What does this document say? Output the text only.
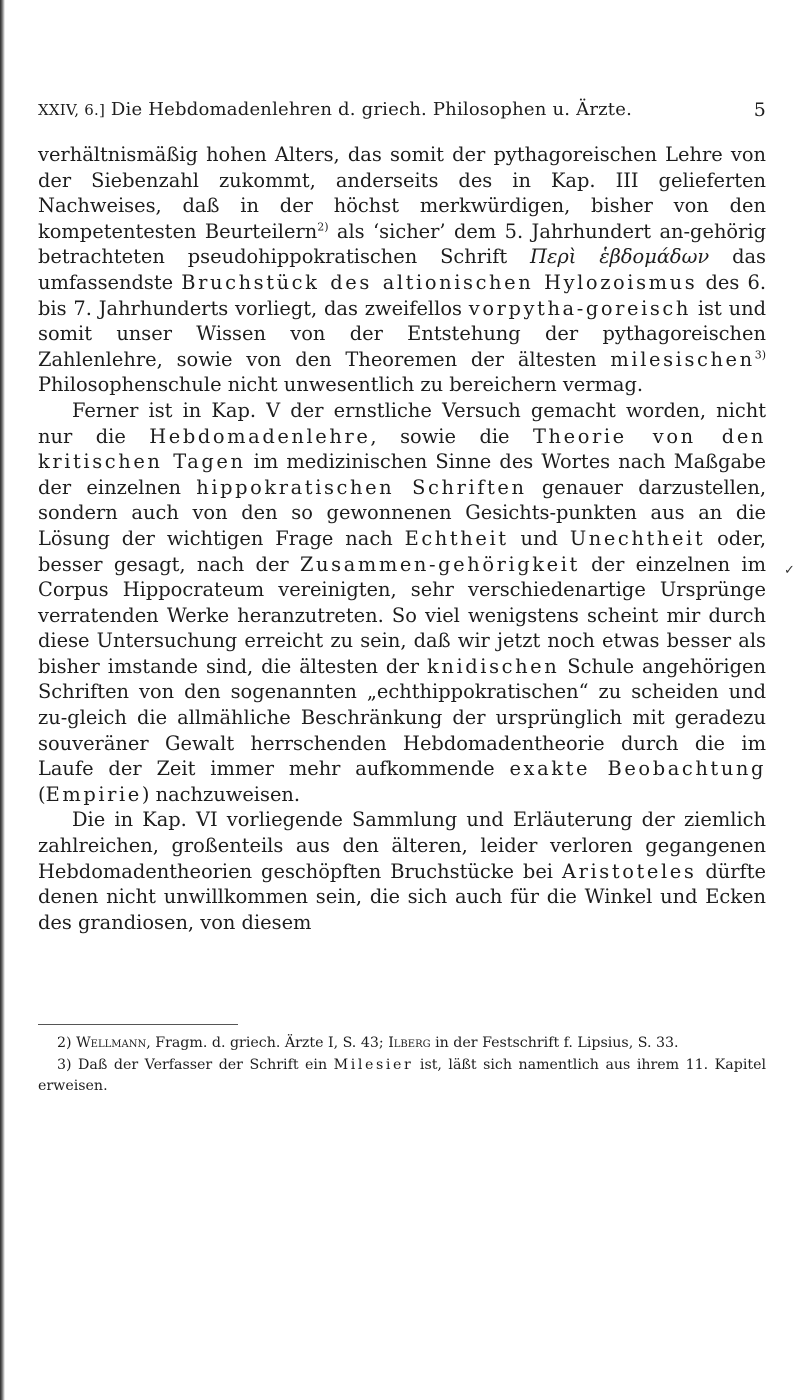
XXIV, 6.] Die Hebdomadenlehren d. griech. Philosophen u. Ärzte.	5

verhältnismäßig hohen Alters, das somit der pythagoreischen Lehre von der Siebenzahl zukommt, anderseits des in Kap. III gelieferten Nachweises, daß in der höchst merkwürdigen, bisher von den kompetentesten Beurteilern$^{2)}$ als ‘sicher’ dem 5. Jahrhundert an-gehörig betrachteten pseudohippokratischen Schrift Περὶ ἑβδομάδων das umfassendste Bruchstück des altionischen Hylozoismus des 6. bis 7. Jahrhunderts vorliegt, das zweifellos vorpytha-goreisch ist und somit unser Wissen von der Entstehung der pythagoreischen Zahlenlehre, sowie von den Theoremen der ältesten milesischen$^{3)}$ Philosophenschule nicht unwesentlich zu bereichern vermag.

Ferner ist in Kap. V der ernstliche Versuch gemacht worden, nicht nur die Hebdomadenlehre, sowie die Theorie von den kritischen Tagen im medizinischen Sinne des Wortes nach Maßgabe der einzelnen hippokratischen Schriften genauer darzustellen, sondern auch von den so gewonnenen Gesichts-punkten aus an die Lösung der wichtigen Frage nach Echtheit und Unechtheit oder, besser gesagt, nach der Zusammen-gehörigkeit der einzelnen im Corpus Hippocrateum vereinigten, sehr verschiedenartige Ursprünge verratenden Werke heranzutreten. So viel wenigstens scheint mir durch diese Untersuchung erreicht zu sein, daß wir jetzt noch etwas besser als bisher imstande sind, die ältesten der knidischen Schule angehörigen Schriften von den sogenannten „echthippokratischen“ zu scheiden und zu-gleich die allmähliche Beschränkung der ursprünglich mit geradezu souveräner Gewalt herrschenden Hebdomadentheorie durch die im Laufe der Zeit immer mehr aufkommende exakte Beobachtung (Empirie) nachzuweisen.

Die in Kap. VI vorliegende Sammlung und Erläuterung der ziemlich zahlreichen, großenteils aus den älteren, leider verloren gegangenen Hebdomadentheorien geschöpften Bruchstücke bei Aristoteles dürfte denen nicht unwillkommen sein, die sich auch für die Winkel und Ecken des grandiosen, von diesem

✓

2) Wellmann, Fragm. d. griech. Ärzte I, S. 43; Ilberg in der Festschrift f. Lipsius, S. 33.

3) Daß der Verfasser der Schrift ein Milesier ist, läßt sich namentlich aus ihrem 11. Kapitel erweisen.
